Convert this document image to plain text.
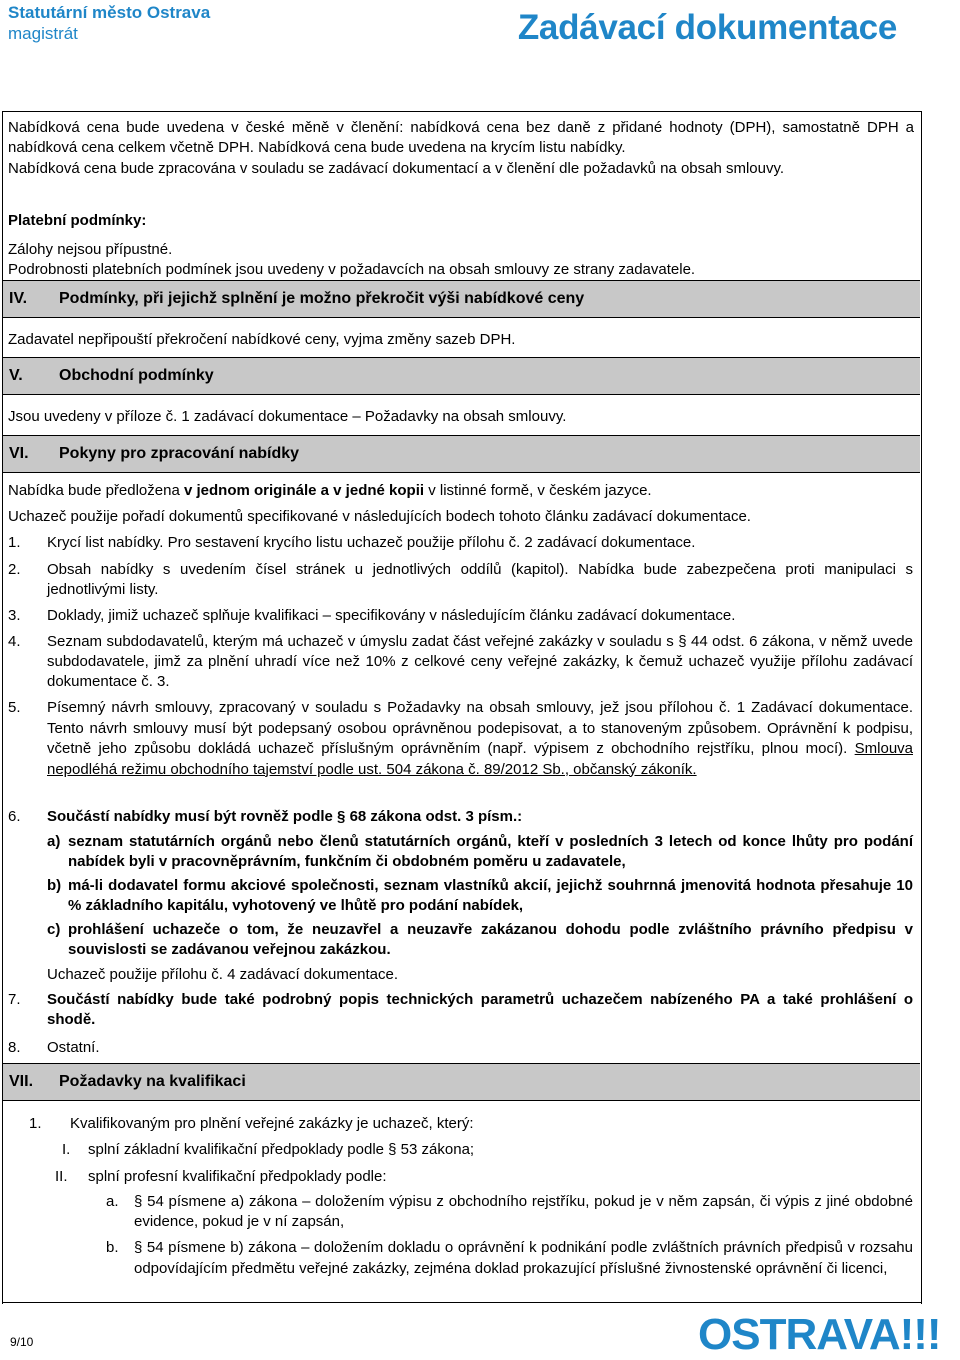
Statutární město Ostrava
magistrát	Zadávací dokumentace
Nabídková cena bude uvedena v české měně v členění: nabídková cena bez daně z přidané hodnoty (DPH), samostatně DPH a nabídková cena celkem včetně DPH. Nabídková cena bude uvedena na krycím listu nabídky.
Nabídková cena bude zpracována v souladu se zadávací dokumentací a v členění dle požadavků na obsah smlouvy.
Platební podmínky:
Zálohy nejsou přípustné.
Podrobnosti platebních podmínek jsou uvedeny v požadavcích na obsah smlouvy ze strany zadavatele.
IV. Podmínky, při jejichž splnění je možno překročit výši nabídkové ceny
Zadavatel nepřipouští překročení nabídkové ceny, vyjma změny sazeb DPH.
V. Obchodní podmínky
Jsou uvedeny v příloze č. 1 zadávací dokumentace – Požadavky na obsah smlouvy.
VI. Pokyny pro zpracování nabídky
Nabídka bude předložena v jednom originále a v jedné kopii v listinné formě, v českém jazyce.
Uchazeč použije pořadí dokumentů specifikované v následujících bodech tohoto článku zadávací dokumentace.
1. Krycí list nabídky. Pro sestavení krycího listu uchazeč použije přílohu č. 2 zadávací dokumentace.
2. Obsah nabídky s uvedením čísel stránek u jednotlivých oddílů (kapitol). Nabídka bude zabezpečena proti manipulaci s jednotlivými listy.
3. Doklady, jimiž uchazeč splňuje kvalifikaci – specifikovány v následujícím článku zadávací dokumentace.
4. Seznam subdodavatelů, kterým má uchazeč v úmyslu zadat část veřejné zakázky v souladu s § 44 odst. 6 zákona, v němž uvede subdodavatele, jimž za plnění uhradí více než 10% z celkové ceny veřejné zakázky, k čemuž uchazeč využije přílohu zadávací dokumentace č. 3.
5. Písemný návrh smlouvy, zpracovaný v souladu s Požadavky na obsah smlouvy, jež jsou přílohou č. 1 Zadávací dokumentace. Tento návrh smlouvy musí být podepsaný osobou oprávněnou podepisovat, a to stanoveným způsobem. Oprávnění k podpisu, včetně jeho způsobu dokládá uchazeč příslušným oprávněním (např. výpisem z obchodního rejstříku, plnou mocí). Smlouva nepodléhá režimu obchodního tajemství podle ust. 504 zákona č. 89/2012 Sb., občanský zákoník.
6. Součástí nabídky musí být rovněž podle § 68 zákona odst. 3 písm.:
a) seznam statutárních orgánů nebo členů statutárních orgánů, kteří v posledních 3 letech od konce lhůty pro podání nabídek byli v pracovněprávním, funkčním či obdobném poměru u zadavatele,
b) má-li dodavatel formu akciové společnosti, seznam vlastníků akcií, jejichž souhrnná jmenovitá hodnota přesahuje 10 % základního kapitálu, vyhotovený ve lhůtě pro podání nabídek,
c) prohlášení uchazeče o tom, že neuzavřel a neuzavře zakázanou dohodu podle zvláštního právního předpisu v souvislosti se zadávanou veřejnou zakázkou.
Uchazeč použije přílohu č. 4 zadávací dokumentace.
7. Součástí nabídky bude také podrobný popis technických parametrů uchazečem nabízeného PA a také prohlášení o shodě.
8. Ostatní.
VII. Požadavky na kvalifikaci
1. Kvalifikovaným pro plnění veřejné zakázky je uchazeč, který:
I. splní základní kvalifikační předpoklady podle § 53 zákona;
II. splní profesní kvalifikační předpoklady podle:
a. § 54 písmene a) zákona – doložením výpisu z obchodního rejstříku, pokud je v něm zapsán, či výpis z jiné obdobné evidence, pokud je v ní zapsán,
b. § 54 písmene b) zákona – doložením dokladu o oprávnění k podnikání podle zvláštních právních předpisů v rozsahu odpovídajícím předmětu veřejné zakázky, zejména doklad prokazující příslušné živnostenské oprávnění či licenci,
9/10	OSTRAVA!!!
